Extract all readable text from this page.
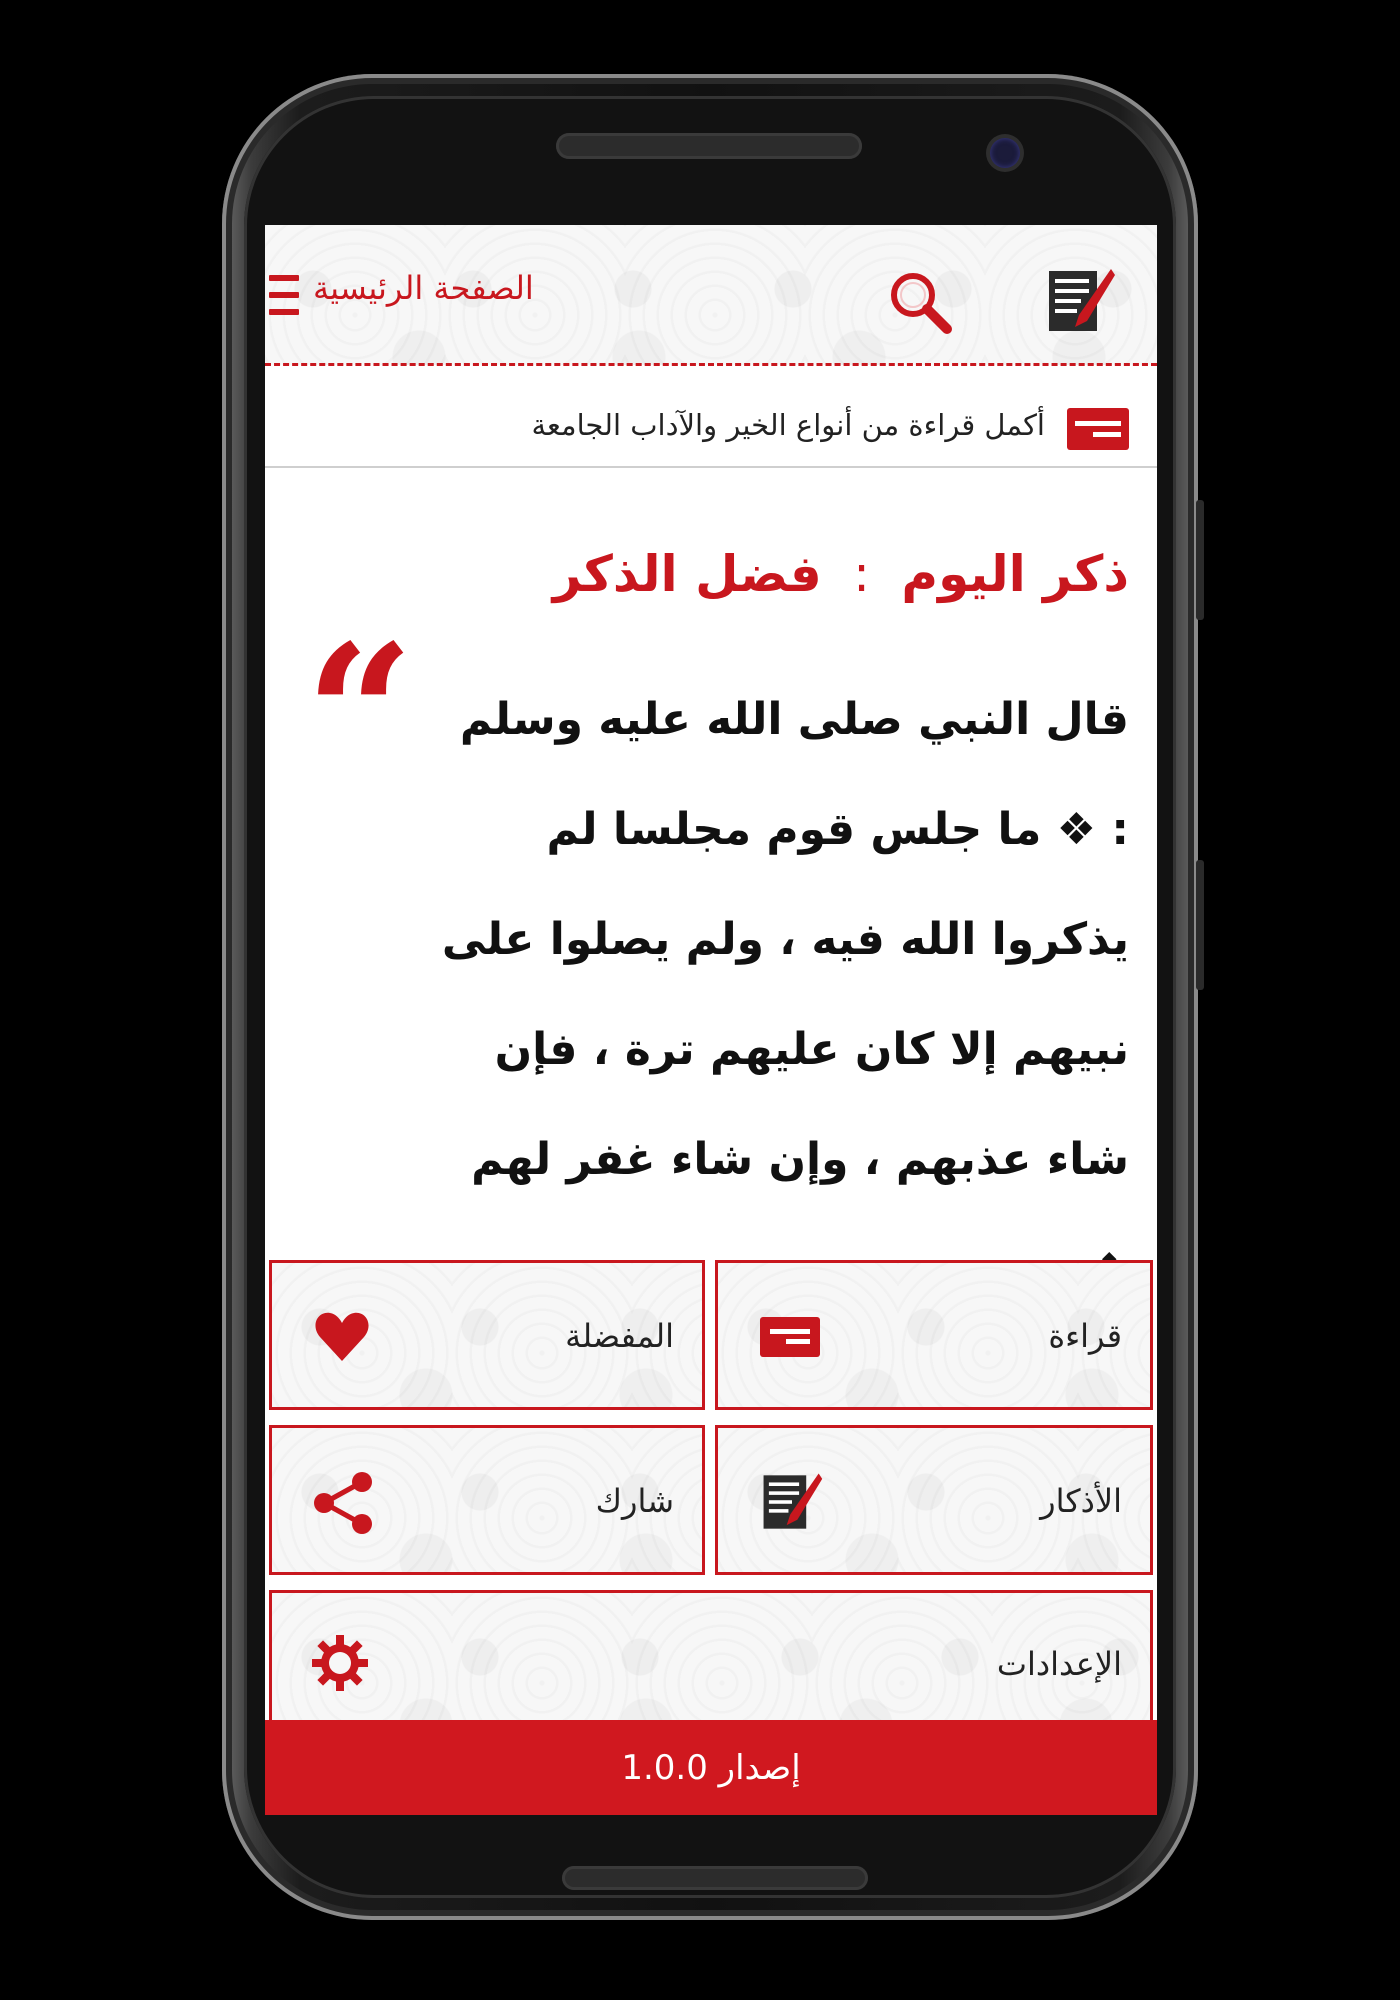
الصفحة الرئيسية
أكمل قراءة من أنواع الخير والآداب الجامعة
ذكر اليوم : فضل الذكر
“	قال النبي صلى الله عليه وسلم : ❖ ما جلس قوم مجلسا لم يذكروا الله فيه ، ولم يصلوا على نبيهم إلا كان عليهم ترة ، فإن شاء عذبهم ، وإن شاء غفر لهم
قراءة
المفضلة
الأذكار
شارك
الإعدادات
إصدار 1.0.0
